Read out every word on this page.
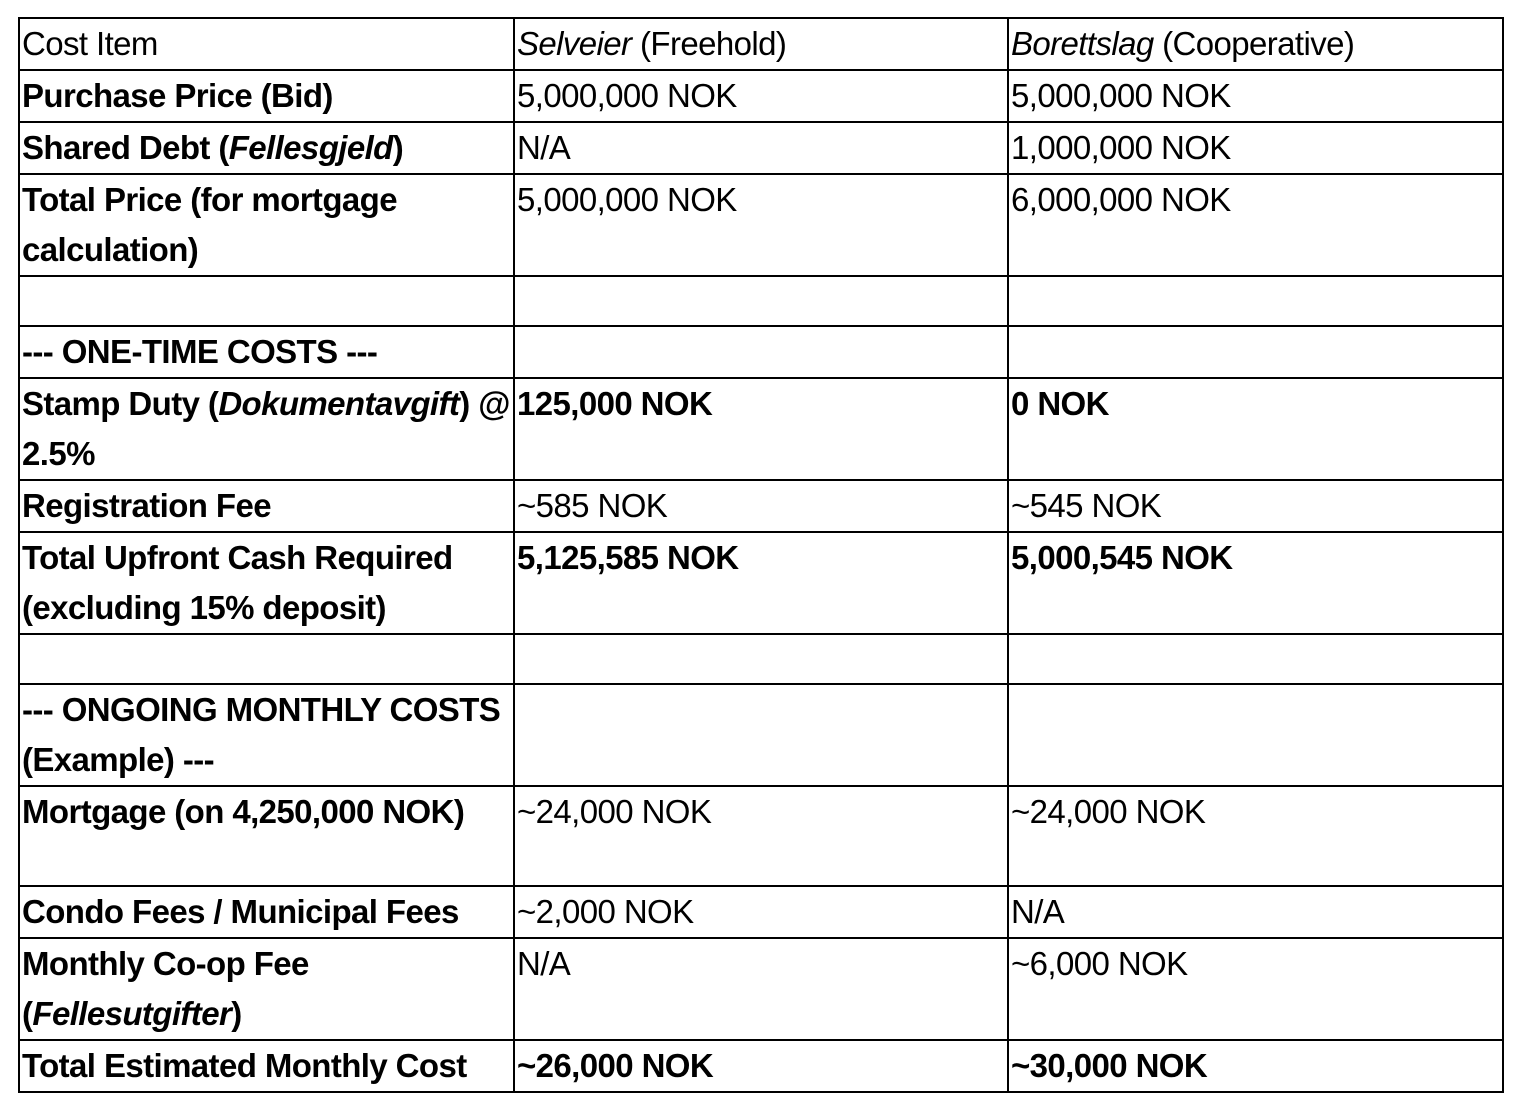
Cost Item	Selveier (Freehold)	Borettslag (Cooperative)
Purchase Price (Bid)	5,000,000 NOK	5,000,000 NOK
Shared Debt (Fellesgjeld)	N/A	1,000,000 NOK
Total Price (for mortgage calculation)	5,000,000 NOK	6,000,000 NOK

--- ONE-TIME COSTS ---		
Stamp Duty (Dokumentavgift) @ 2.5%	125,000 NOK	0 NOK
Registration Fee	~585 NOK	~545 NOK
Total Upfront Cash Required (excluding 15% deposit)	5,125,585 NOK	5,000,545 NOK

--- ONGOING MONTHLY COSTS (Example) ---		
Mortgage (on 4,250,000 NOK)	~24,000 NOK	~24,000 NOK
Condo Fees / Municipal Fees	~2,000 NOK	N/A
Monthly Co-op Fee (Fellesutgifter)	N/A	~6,000 NOK
Total Estimated Monthly Cost	~26,000 NOK	~30,000 NOK
